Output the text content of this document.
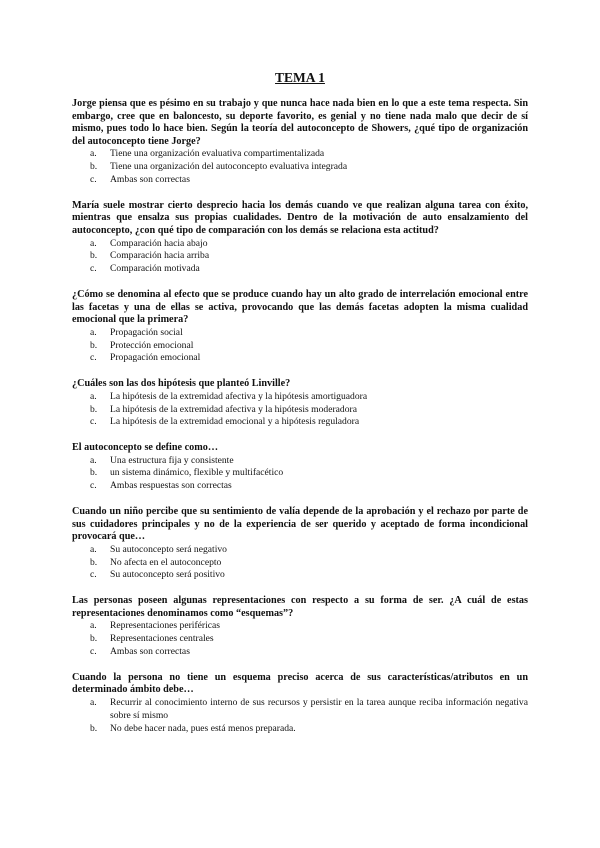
TEMA 1
Jorge piensa que es pésimo en su trabajo y que nunca hace nada bien en lo que a este tema respecta. Sin embargo, cree que en baloncesto, su deporte favorito, es genial y no tiene nada malo que decir de sí mismo, pues todo lo hace bien. Según la teoría del autoconcepto de Showers, ¿qué tipo de organización del autoconcepto tiene Jorge?
a. Tiene una organización evaluativa compartimentalizada
b. Tiene una organización del autoconcepto evaluativa integrada
c. Ambas son correctas
María suele mostrar cierto desprecio hacia los demás cuando ve que realizan alguna tarea con éxito, mientras que ensalza sus propias cualidades. Dentro de la motivación de auto ensalzamiento del autoconcepto, ¿con qué tipo de comparación con los demás se relaciona esta actitud?
a. Comparación hacia abajo
b. Comparación hacia arriba
c. Comparación motivada
¿Cómo se denomina al efecto que se produce cuando hay un alto grado de interrelación emocional entre las facetas y una de ellas se activa, provocando que las demás facetas adopten la misma cualidad emocional que la primera?
a. Propagación social
b. Protección emocional
c. Propagación emocional
¿Cuáles son las dos hipótesis que planteó Linville?
a. La hipótesis de la extremidad afectiva y la hipótesis amortiguadora
b. La hipótesis de la extremidad afectiva y la hipótesis moderadora
c. La hipótesis de la extremidad emocional y a hipótesis reguladora
El autoconcepto se define como…
a. Una estructura fija y consistente
b. un sistema dinámico, flexible y multifacético
c. Ambas respuestas son correctas
Cuando un niño percibe que su sentimiento de valía depende de la aprobación y el rechazo por parte de sus cuidadores principales y no de la experiencia de ser querido y aceptado de forma incondicional provocará que…
a. Su autoconcepto será negativo
b. No afecta en el autoconcepto
c. Su autoconcepto será positivo
Las personas poseen algunas representaciones con respecto a su forma de ser. ¿A cuál de estas representaciones denominamos como “esquemas”?
a. Representaciones periféricas
b. Representaciones centrales
c. Ambas son correctas
Cuando la persona no tiene un esquema preciso acerca de sus características/atributos en un determinado ámbito debe…
a. Recurrir al conocimiento interno de sus recursos y persistir en la tarea aunque reciba información negativa sobre sí mismo
b. No debe hacer nada, pues está menos preparada.
